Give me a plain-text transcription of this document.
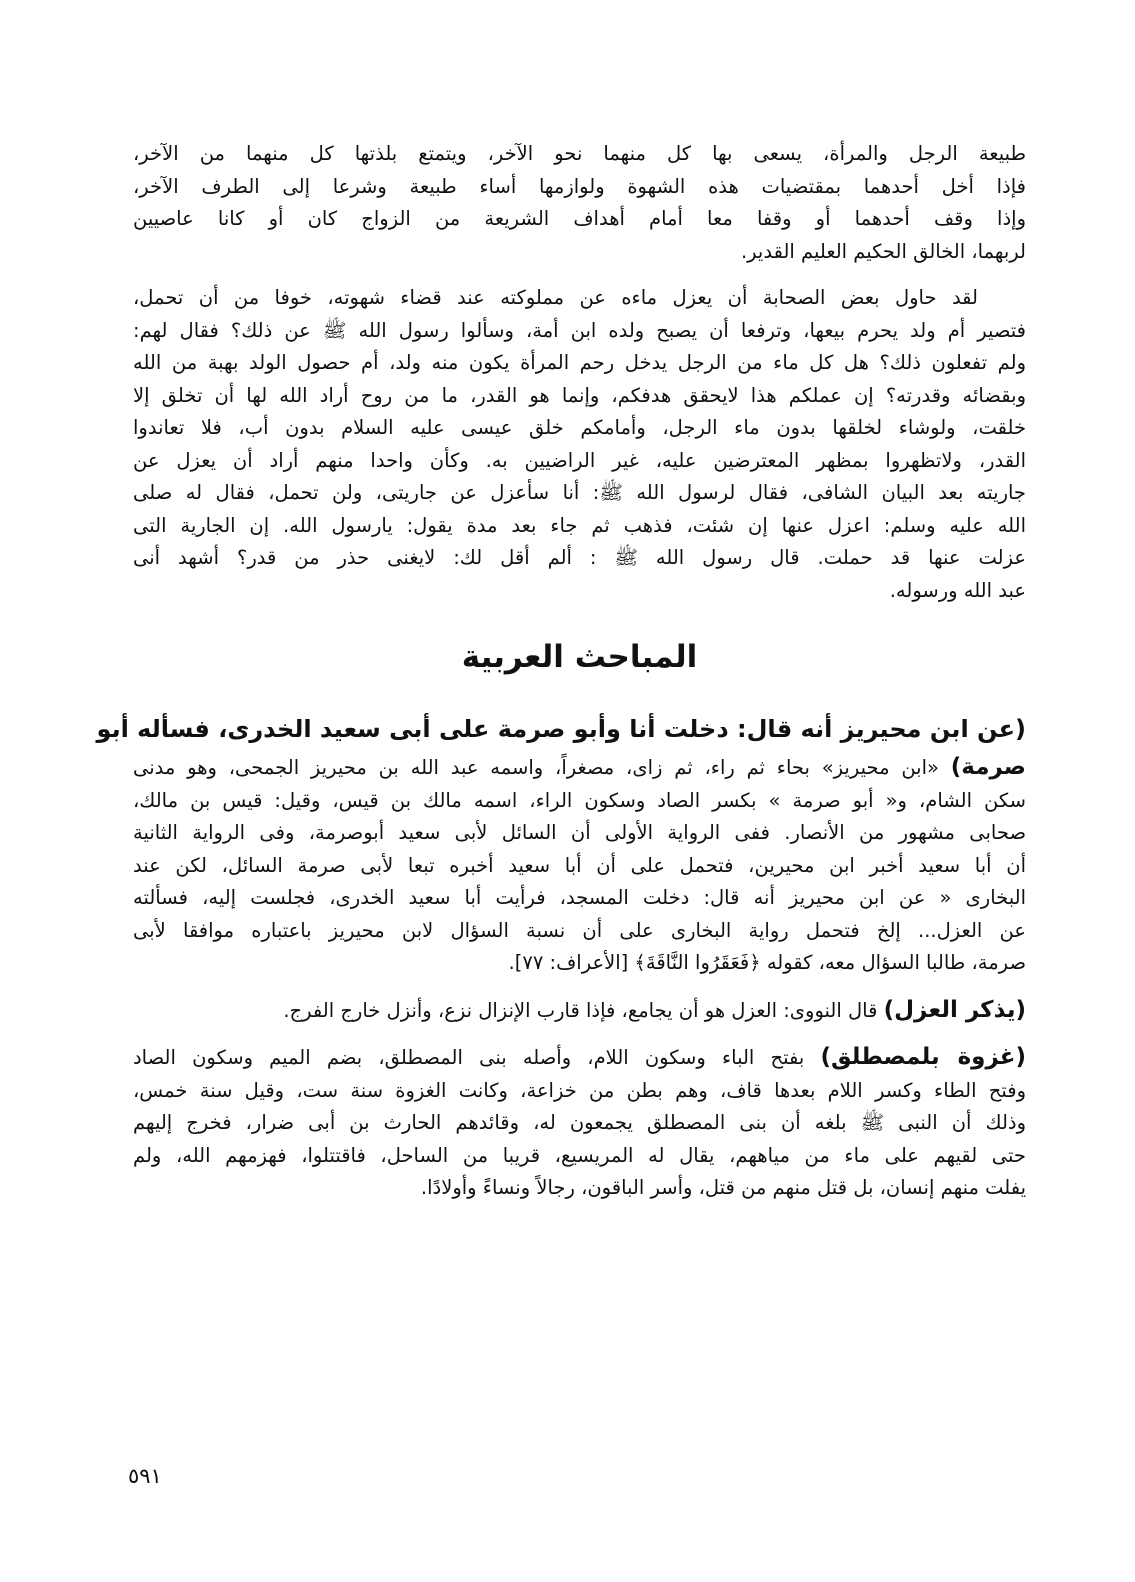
طبيعة الرجل والمرأة، يسعى بها كل منهما نحو الآخر، ويتمتع بلذتها كل منهما من الآخر،
فإذا أخل أحدهما بمقتضيات هذه الشهوة ولوازمها أساء طبيعة وشرعا إلى الطرف الآخر،
وإذا وقف أحدهما أو وقفا معا أمام أهداف الشريعة من الزواج كان أو كانا عاصيين
لربهما، الخالق الحكيم العليم القدير.

لقد حاول بعض الصحابة أن يعزل ماءه عن مملوكته عند قضاء شهوته، خوفا من أن تحمل،
فتصير أم ولد يحرم بيعها، وترفعا أن يصبح ولده ابن أمة، وسألوا رسول الله ﷺ عن ذلك؟ فقال لهم:
ولم تفعلون ذلك؟ هل كل ماء من الرجل يدخل رحم المرأة يكون منه ولد، أم حصول الولد بهبة من الله
وبقضائه وقدرته؟ إن عملكم هذا لايحقق هدفكم، وإنما هو القدر، ما من روح أراد الله لها أن تخلق إلا
خلقت، ولوشاء لخلقها بدون ماء الرجل، وأمامكم خلق عيسى عليه السلام بدون أب، فلا تعاندوا
القدر، ولاتظهروا بمظهر المعترضين عليه، غير الراضيين به. وكأن واحدا منهم أراد أن يعزل عن
جاريته بعد البيان الشافى، فقال لرسول الله ﷺ: أنا سأعزل عن جاريتى، ولن تحمل، فقال له صلى
الله عليه وسلم: اعزل عنها إن شئت، فذهب ثم جاء بعد مدة يقول: يارسول الله. إن الجارية التى
عزلت عنها قد حملت. قال رسول الله ﷺ : ألم أقل لك: لايغنى حذر من قدر؟ أشهد أنى
عبد الله ورسوله.

المباحث العربية

(عن ابن محيريز أنه قال: دخلت أنا وأبو صرمة على أبى سعيد الخدرى، فسأله أبو
صرمة) «ابن محيريز» بحاء ثم راء، ثم زاى، مصغراً، واسمه عبد الله بن محيريز الجمحى، وهو مدنى
سكن الشام، و« أبو صرمة » بكسر الصاد وسكون الراء، اسمه مالك بن قيس، وقيل: قيس بن مالك،
صحابى مشهور من الأنصار. ففى الرواية الأولى أن السائل لأبى سعيد أبوصرمة، وفى الرواية الثانية
أن أبا سعيد أخبر ابن محيرين، فتحمل على أن أبا سعيد أخبره تبعا لأبى صرمة السائل، لكن عند
البخارى « عن ابن محيريز أنه قال: دخلت المسجد، فرأيت أبا سعيد الخدرى، فجلست إليه، فسألته
عن العزل... إلخ فتحمل رواية البخارى على أن نسبة السؤال لابن محيريز باعتباره موافقا لأبى
صرمة، طالبا السؤال معه، كقوله ﴿فَعَقَرُوا النَّاقَةَ﴾ [الأعراف: ٧٧].

(يذكر العزل) قال النووى: العزل هو أن يجامع، فإذا قارب الإنزال نزع، وأنزل خارج الفرج.

(غزوة بلمصطلق) بفتح الباء وسكون اللام، وأصله بنى المصطلق، بضم الميم وسكون الصاد
وفتح الطاء وكسر اللام بعدها قاف، وهم بطن من خزاعة، وكانت الغزوة سنة ست، وقيل سنة خمس،
وذلك أن النبى ﷺ بلغه أن بنى المصطلق يجمعون له، وقائدهم الحارث بن أبى ضرار، فخرج إليهم
حتى لقيهم على ماء من مياههم، يقال له المريسيع، قريبا من الساحل، فاقتتلوا، فهزمهم الله، ولم
يفلت منهم إنسان، بل قتل منهم من قتل، وأسر الباقون، رجالاً ونساءً وأولادًا.

٥٩١
